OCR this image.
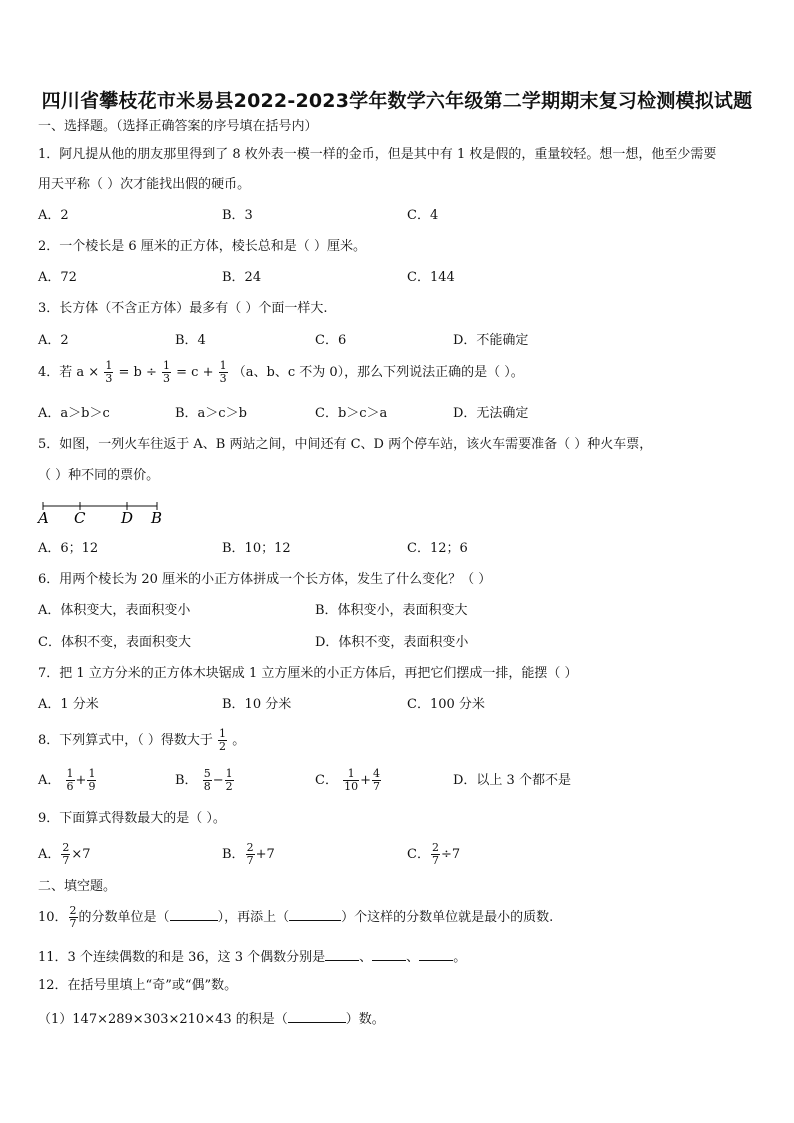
四川省攀枝花市米易县2022-2023学年数学六年级第二学期期末复习检测模拟试题
一、选择题。（选择正确答案的序号填在括号内）
1．阿凡提从他的朋友那里得到了 8 枚外表一模一样的金币，但是其中有 1 枚是假的，重量较轻。想一想，他至少需要
用天平称（ ）次才能找出假的硬币。
A．2	B．3	C．4
2．一个棱长是 6 厘米的正方体，棱长总和是（ ）厘米。
A．72	B．24	C．144
3．长方体（不含正方体）最多有（ ）个面一样大.
A．2	B．4	C．6	D．不能确定
4．若 $a \times \frac{1}{3} = b \div \frac{1}{3} = c + \frac{1}{3} (a$、b、c 不为 0），那么下列说法正确的是（ ）。
A．a＞b＞c	B．a＞c＞b	C．b＞c＞a	D．无法确定
5．如图，一列火车往返于 A、B 两站之间，中间还有 C、D 两个停车站，该火车需要准备（ ）种火车票，
（ ）种不同的票价。
A C D B
A．6；12	B．10；12	C．12；6
6．用两个棱长为 20 厘米的小正方体拼成一个长方体，发生了什么变化？（ ）
A．体积变大，表面积变小	B．体积变小，表面积变大
C．体积不变，表面积变大	D．体积不变，表面积变小
7．把 1 立方分米的正方体木块锯成 1 立方厘米的小正方体后，再把它们摆成一排，能摆（ ）
A．1 分米	B．10 分米	C．100 分米
8．下列算式中，（ ）得数大于 $\frac{1}{2}$ 。
A． $\frac{1}{6} + \frac{1}{9}$	B． $\frac{5}{8} - \frac{1}{2}$	C． $\frac{1}{10} + \frac{4}{7}$	D．以上 3 个都不是
9．下面算式得数最大的是（ ）。
A． $\frac{2}{7} \times 7$	B． $\frac{2}{7} +7$	C． $\frac{2}{7} \div 7$
二、填空题。
10． $\frac{2}{7}$ 的分数单位是（	），再添上（	）个这样的分数单位就是最小的质数.
11．3 个连续偶数的和是 36，这 3 个偶数分别是	、	、	。
12．在括号里填上“奇”或“偶”数。
（1）147×289×303×210×43 的积是（	）数。
